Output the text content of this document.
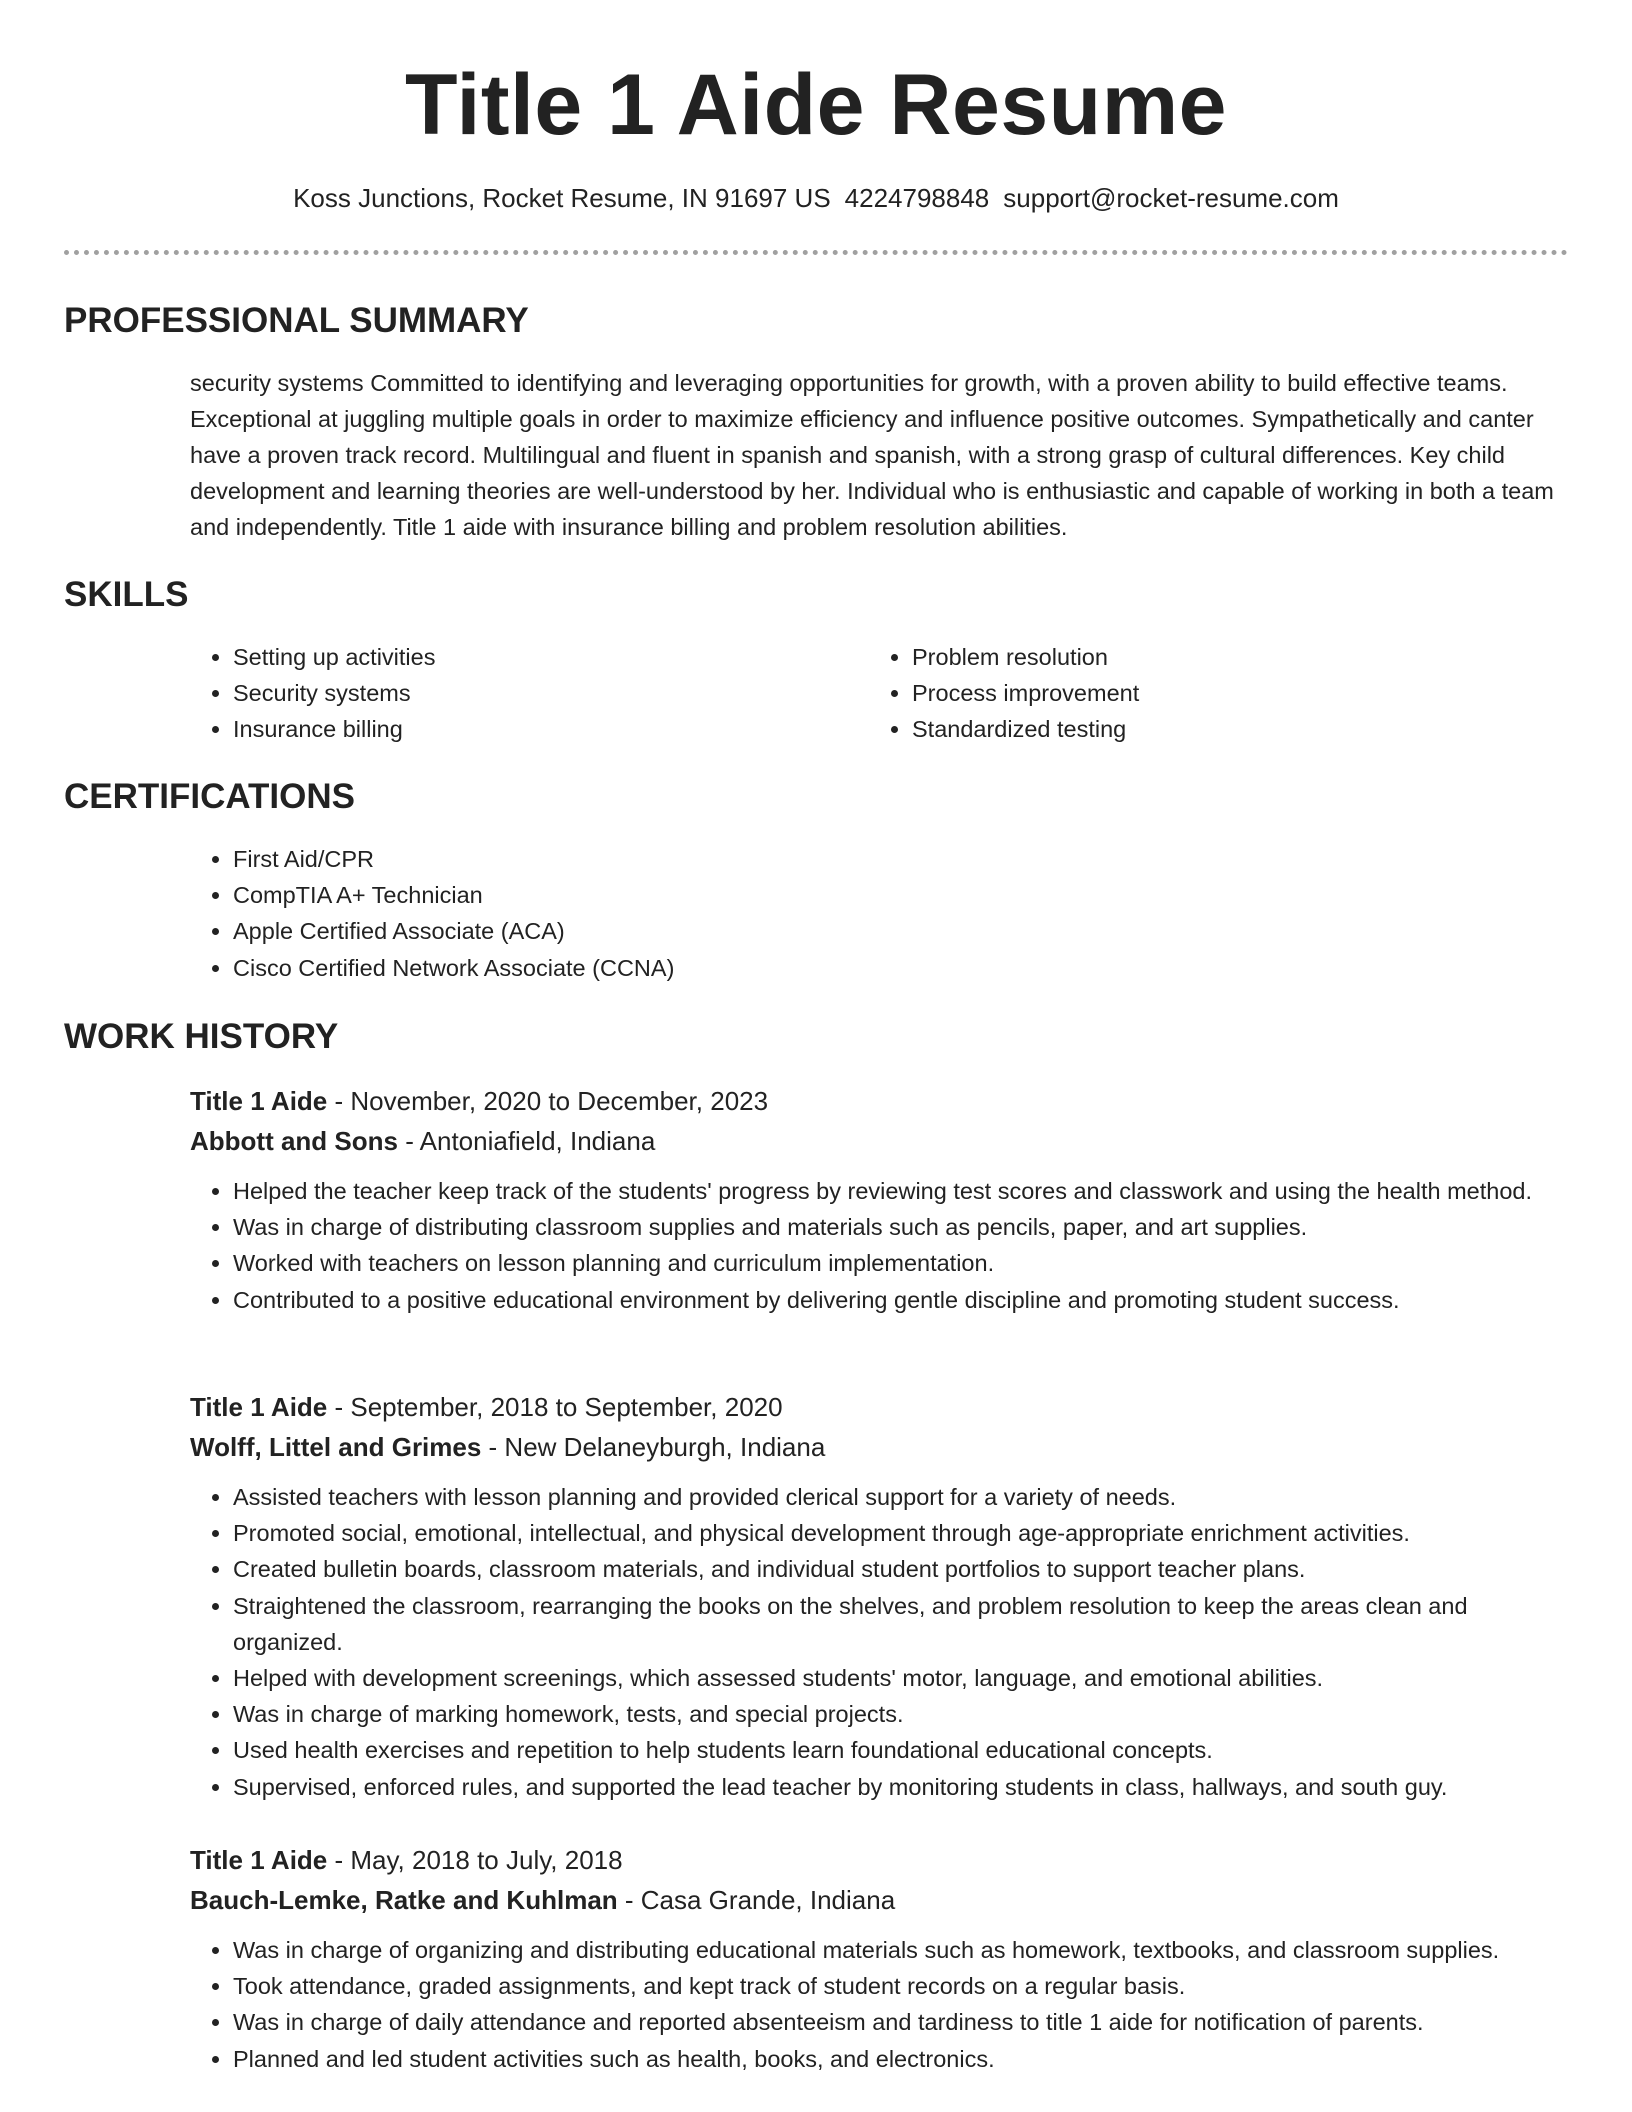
Title 1 Aide Resume
Koss Junctions, Rocket Resume, IN 91697 US 4224798848 support@rocket-resume.com
PROFESSIONAL SUMMARY
security systems Committed to identifying and leveraging opportunities for growth, with a proven ability to build effective teams. Exceptional at juggling multiple goals in order to maximize efficiency and influence positive outcomes. Sympathetically and canter have a proven track record. Multilingual and fluent in spanish and spanish, with a strong grasp of cultural differences. Key child development and learning theories are well-understood by her. Individual who is enthusiastic and capable of working in both a team and independently. Title 1 aide with insurance billing and problem resolution abilities.
SKILLS
• Setting up activities
• Security systems
• Insurance billing
• Problem resolution
• Process improvement
• Standardized testing
CERTIFICATIONS
• First Aid/CPR
• CompTIA A+ Technician
• Apple Certified Associate (ACA)
• Cisco Certified Network Associate (CCNA)
WORK HISTORY
Title 1 Aide - November, 2020 to December, 2023
Abbott and Sons - Antoniafield, Indiana
• Helped the teacher keep track of the students' progress by reviewing test scores and classwork and using the health method.
• Was in charge of distributing classroom supplies and materials such as pencils, paper, and art supplies.
• Worked with teachers on lesson planning and curriculum implementation.
• Contributed to a positive educational environment by delivering gentle discipline and promoting student success.
Title 1 Aide - September, 2018 to September, 2020
Wolff, Littel and Grimes - New Delaneyburgh, Indiana
• Assisted teachers with lesson planning and provided clerical support for a variety of needs.
• Promoted social, emotional, intellectual, and physical development through age-appropriate enrichment activities.
• Created bulletin boards, classroom materials, and individual student portfolios to support teacher plans.
• Straightened the classroom, rearranging the books on the shelves, and problem resolution to keep the areas clean and organized.
• Helped with development screenings, which assessed students' motor, language, and emotional abilities.
• Was in charge of marking homework, tests, and special projects.
• Used health exercises and repetition to help students learn foundational educational concepts.
• Supervised, enforced rules, and supported the lead teacher by monitoring students in class, hallways, and south guy.
Title 1 Aide - May, 2018 to July, 2018
Bauch-Lemke, Ratke and Kuhlman - Casa Grande, Indiana
• Was in charge of organizing and distributing educational materials such as homework, textbooks, and classroom supplies.
• Took attendance, graded assignments, and kept track of student records on a regular basis.
• Was in charge of daily attendance and reported absenteeism and tardiness to title 1 aide for notification of parents.
• Planned and led student activities such as health, books, and electronics.
